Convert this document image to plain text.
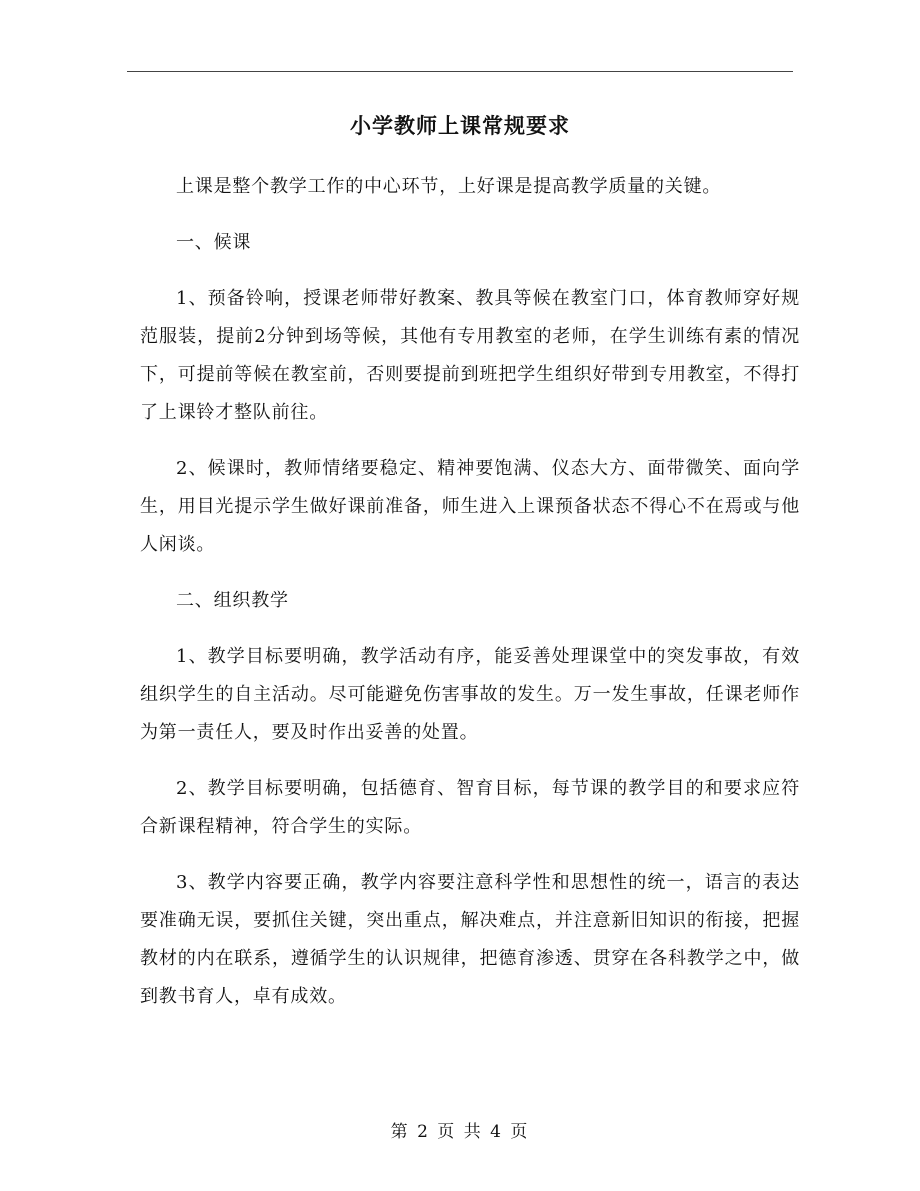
小学教师上课常规要求

上课是整个教学工作的中心环节，上好课是提高教学质量的关键。

一、候课

1、预备铃响，授课老师带好教案、教具等候在教室门口，体育教师穿好规范服装，提前2分钟到场等候，其他有专用教室的老师，在学生训练有素的情况下，可提前等候在教室前，否则要提前到班把学生组织好带到专用教室，不得打了上课铃才整队前往。

2、候课时，教师情绪要稳定、精神要饱满、仪态大方、面带微笑、面向学生，用目光提示学生做好课前准备，师生进入上课预备状态不得心不在焉或与他人闲谈。

二、组织教学

1、教学目标要明确，教学活动有序，能妥善处理课堂中的突发事故，有效组织学生的自主活动。尽可能避免伤害事故的发生。万一发生事故，任课老师作为第一责任人，要及时作出妥善的处置。

2、教学目标要明确，包括德育、智育目标，每节课的教学目的和要求应符合新课程精神，符合学生的实际。

3、教学内容要正确，教学内容要注意科学性和思想性的统一，语言的表达要准确无误，要抓住关键，突出重点，解决难点，并注意新旧知识的衔接，把握教材的内在联系，遵循学生的认识规律，把德育渗透、贯穿在各科教学之中，做到教书育人，卓有成效。

第 2 页 共 4 页
